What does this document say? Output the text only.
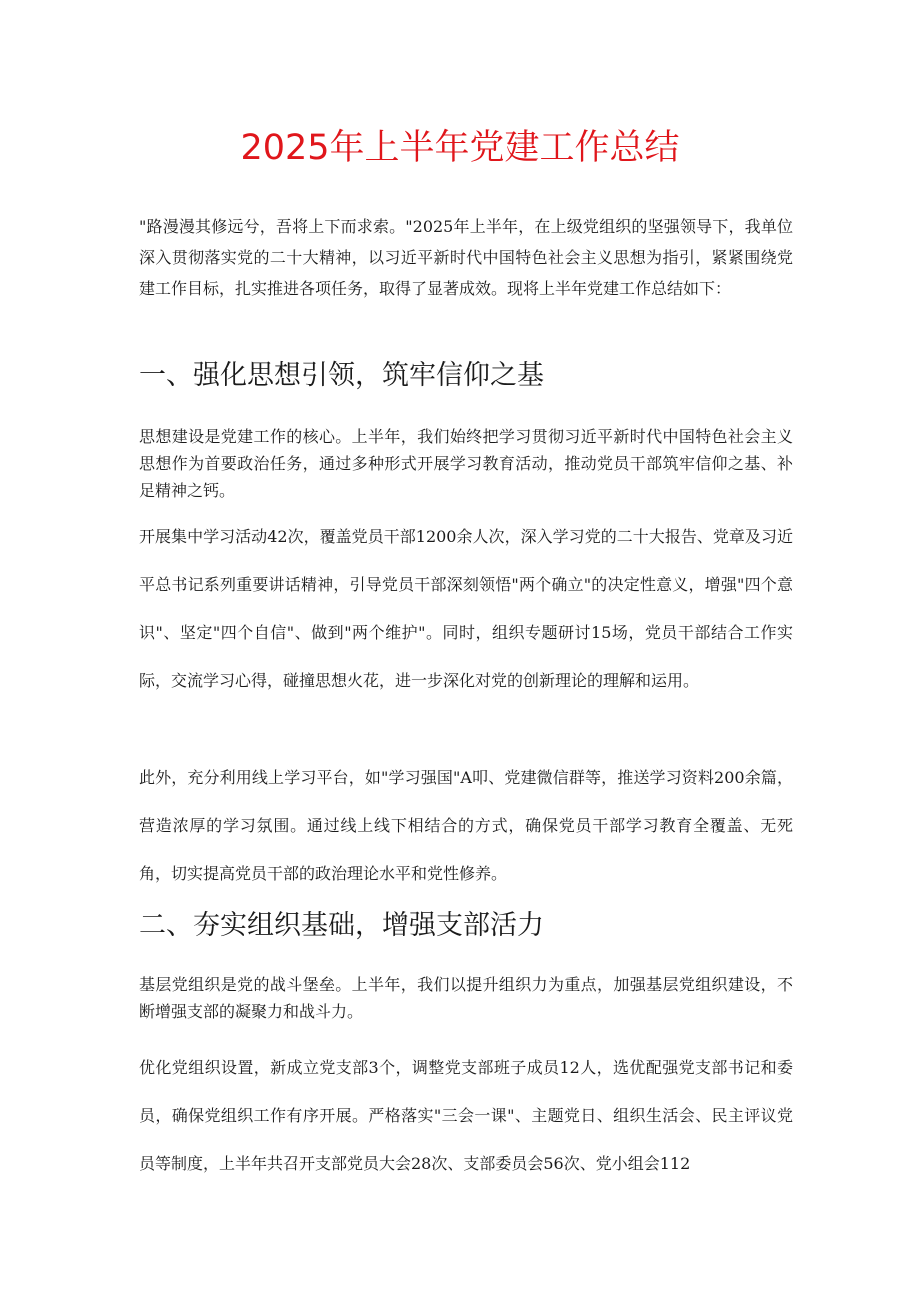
2025年上半年党建工作总结
"路漫漫其修远兮，吾将上下而求索。"2025年上半年，在上级党组织的坚强领导下，我单位深入贯彻落实党的二十大精神，以习近平新时代中国特色社会主义思想为指引，紧紧围绕党建工作目标，扎实推进各项任务，取得了显著成效。现将上半年党建工作总结如下：
一、强化思想引领，筑牢信仰之基
思想建设是党建工作的核心。上半年，我们始终把学习贯彻习近平新时代中国特色社会主义思想作为首要政治任务，通过多种形式开展学习教育活动，推动党员干部筑牢信仰之基、补足精神之钙。
开展集中学习活动42次，覆盖党员干部1200余人次，深入学习党的二十大报告、党章及习近平总书记系列重要讲话精神，引导党员干部深刻领悟"两个确立"的决定性意义，增强"四个意识"、坚定"四个自信"、做到"两个维护"。同时，组织专题研讨15场，党员干部结合工作实际，交流学习心得，碰撞思想火花，进一步深化对党的创新理论的理解和运用。
此外，充分利用线上学习平台，如"学习强国"A叩、党建微信群等，推送学习资料200余篇，营造浓厚的学习氛围。通过线上线下相结合的方式，确保党员干部学习教育全覆盖、无死角，切实提高党员干部的政治理论水平和党性修养。
二、夯实组织基础，增强支部活力
基层党组织是党的战斗堡垒。上半年，我们以提升组织力为重点，加强基层党组织建设，不断增强支部的凝聚力和战斗力。
优化党组织设置，新成立党支部3个，调整党支部班子成员12人，选优配强党支部书记和委员，确保党组织工作有序开展。严格落实"三会一课"、主题党日、组织生活会、民主评议党员等制度，上半年共召开支部党员大会28次、支部委员会56次、党小组会112
